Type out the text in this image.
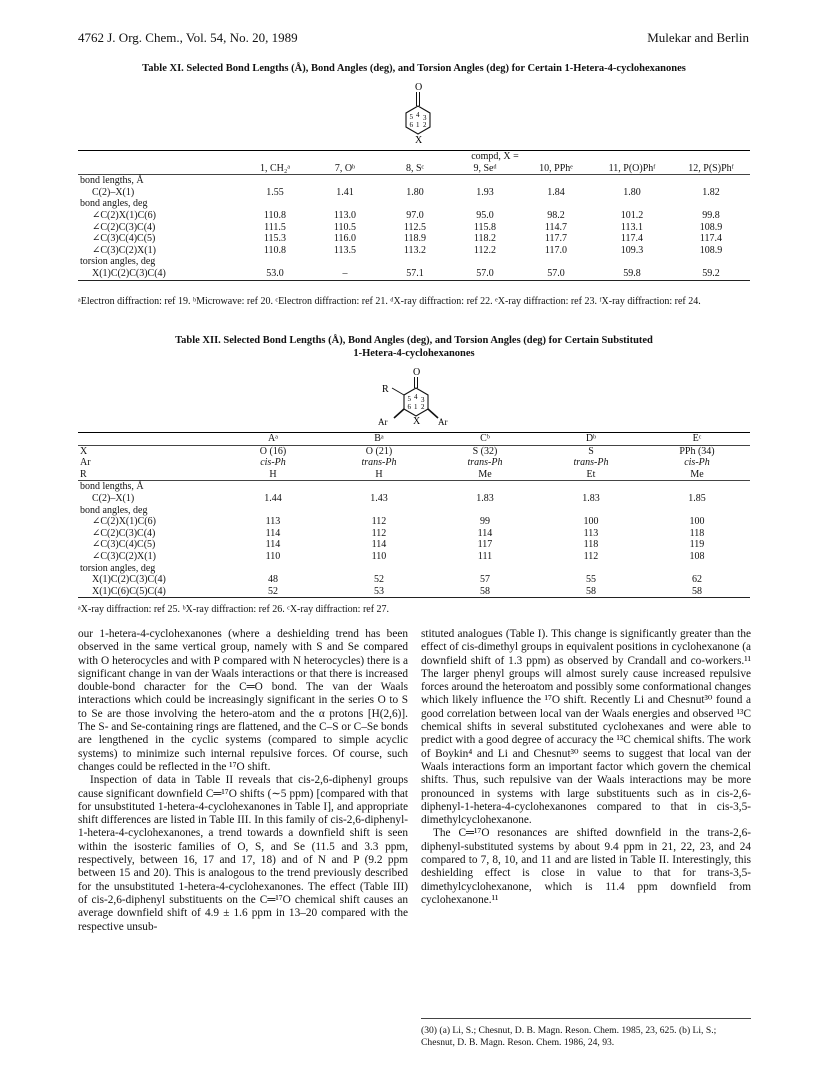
4762 J. Org. Chem., Vol. 54, No. 20, 1989	Mulekar and Berlin
Table XI. Selected Bond Lengths (Å), Bond Angles (deg), and Torsion Angles (deg) for Certain 1-Hetera-4-cyclohexanones
O
5 4 3
6 1 2
X
	compd, X =						
	1, CH₂ᵃ	7, Oᵇ	8, Sᶜ	9, Seᵈ	10, PPhᵉ	11, P(O)Phᶠ	12, P(S)Phᶠ
bond lengths, Å							
C(2)–X(1)	1.55	1.41	1.80	1.93	1.84	1.80	1.82
bond angles, deg							
∠C(2)X(1)C(6)	110.8	113.0	97.0	95.0	98.2	101.2	99.8
∠C(2)C(3)C(4)	111.5	110.5	112.5	115.8	114.7	113.1	108.9
∠C(3)C(4)C(5)	115.3	116.0	118.9	118.2	117.7	117.4	117.4
∠C(3)C(2)X(1)	110.8	113.5	113.2	112.2	117.0	109.3	108.9
torsion angles, deg							
X(1)C(2)C(3)C(4)	53.0	–	57.1	57.0	57.0	59.8	59.2
ᵃElectron diffraction: ref 19. ᵇMicrowave: ref 20. ᶜElectron diffraction: ref 21. ᵈX-ray diffraction: ref 22. ᵉX-ray diffraction: ref 23. ᶠX-ray diffraction: ref 24.
Table XII. Selected Bond Lengths (Å), Bond Angles (deg), and Torsion Angles (deg) for Certain Substituted
1-Hetera-4-cyclohexanones
O
R
5 4 3
6 1 2
X
Ar	Ar
	Aᵃ	Bᵃ	Cᵇ	Dᵇ	Eᶜ
X	O (16)	O (21)	S (32)	S	PPh (34)
Ar	cis-Ph	trans-Ph	trans-Ph	trans-Ph	cis-Ph
R	H	H	Me	Et	Me
bond lengths, Å					
C(2)–X(1)	1.44	1.43	1.83	1.83	1.85
bond angles, deg					
∠C(2)X(1)C(6)	113	112	99	100	100
∠C(2)C(3)C(4)	114	112	114	113	118
∠C(3)C(4)C(5)	114	114	117	118	119
∠C(3)C(2)X(1)	110	110	111	112	108
torsion angles, deg					
X(1)C(2)C(3)C(4)	48	52	57	55	62
X(1)C(6)C(5)C(4)	52	53	58	58	58
ᵃX-ray diffraction: ref 25. ᵇX-ray diffraction: ref 26. ᶜX-ray diffraction: ref 27.

our 1-hetera-4-cyclohexanones (where a deshielding trend has been observed in the same vertical group, namely with S and Se compared with O heterocycles and with P compared with N heterocycles) there is a significant change in van der Waals interactions or that there is increased double-bond character for the C═O bond. The van der Waals interactions which could be increasingly significant in the series O to S to Se are those involving the hetero-atom and the α protons [H(2,6)]. The S- and Se-containing rings are flattened, and the C–S or C–Se bonds are lengthened in the cyclic systems (compared to simple acyclic systems) to minimize such internal repulsive forces. Of course, such changes could be reflected in the ¹⁷O shift.

Inspection of data in Table II reveals that cis-2,6-diphenyl groups cause significant downfield C═¹⁷O shifts (∼5 ppm) [compared with that for unsubstituted 1-hetera-4-cyclohexanones in Table I], and appropriate shift differences are listed in Table III. In this family of cis-2,6-diphenyl-1-hetera-4-cyclohexanones, a trend towards a downfield shift is seen within the isosteric families of O, S, and Se (11.5 and 3.3 ppm, respectively, between 16, 17 and 17, 18) and of N and P (9.2 ppm between 15 and 20). This is analogous to the trend previously described for the unsubstituted 1-hetera-4-cyclohexanones. The effect (Table III) of cis-2,6-diphenyl substituents on the C═¹⁷O chemical shift causes an average downfield shift of 4.9 ± 1.6 ppm in 13–20 compared with the respective unsub-

stituted analogues (Table I). This change is significantly greater than the effect of cis-dimethyl groups in equivalent positions in cyclohexanone (a downfield shift of 1.3 ppm) as observed by Crandall and co-workers.¹¹ The larger phenyl groups will almost surely cause increased repulsive forces around the heteroatom and possibly some conformational changes which likely influence the ¹⁷O shift. Recently Li and Chesnut³⁰ found a good correlation between local van der Waals energies and observed ¹³C chemical shifts in several substituted cyclohexanes and were able to predict with a good degree of accuracy the ¹³C chemical shifts. The work of Boykin⁴ and Li and Chesnut³⁰ seems to suggest that local van der Waals interactions form an important factor which govern the chemical shifts. Thus, such repulsive van der Waals interactions may be more pronounced in systems with large substituents such as in cis-2,6-diphenyl-1-hetera-4-cyclohexanones compared to that in cis-3,5-dimethylcyclohexanone.

The C═¹⁷O resonances are shifted downfield in the trans-2,6-diphenyl-substituted systems by about 9.4 ppm in 21, 22, 23, and 24 compared to 7, 8, 10, and 11 and are listed in Table II. Interestingly, this deshielding effect is close in value to that for trans-3,5-dimethylcyclohexanone, which is 11.4 ppm downfield from cyclohexanone.¹¹

(30) (a) Li, S.; Chesnut, D. B. Magn. Reson. Chem. 1985, 23, 625. (b) Li, S.; Chesnut, D. B. Magn. Reson. Chem. 1986, 24, 93.
